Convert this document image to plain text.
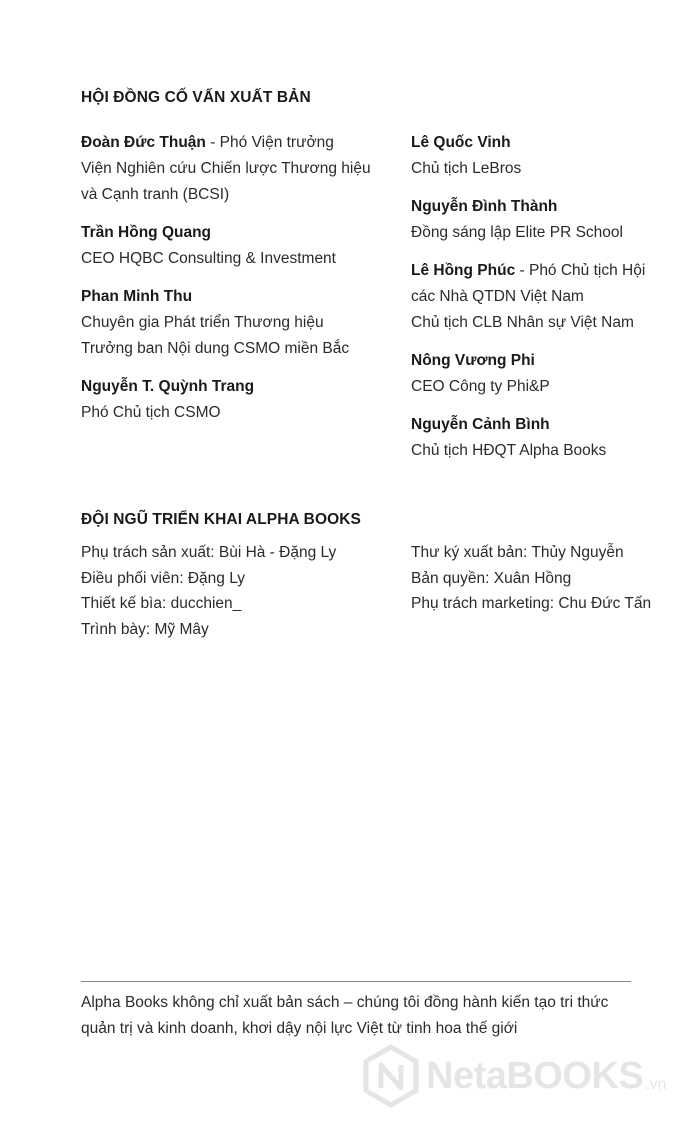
HỘI ĐỒNG CỐ VẤN XUẤT BẢN
Đoàn Đức Thuận - Phó Viện trưởng
Viện Nghiên cứu Chiến lược Thương hiệu
và Cạnh tranh (BCSI)
Trần Hồng Quang
CEO HQBC Consulting & Investment
Phan Minh Thu
Chuyên gia Phát triển Thương hiệu
Trưởng ban Nội dung CSMO miền Bắc
Nguyễn T. Quỳnh Trang
Phó Chủ tịch CSMO
Lê Quốc Vinh
Chủ tịch LeBros
Nguyễn Đình Thành
Đồng sáng lập Elite PR School
Lê Hồng Phúc - Phó Chủ tịch Hội
các Nhà QTDN Việt Nam
Chủ tịch CLB Nhân sự Việt Nam
Nông Vương Phi
CEO Công ty Phi&P
Nguyễn Cảnh Bình
Chủ tịch HĐQT Alpha Books
ĐỘI NGŨ TRIỂN KHAI ALPHA BOOKS
Phụ trách sản xuất: Bùi Hà - Đặng Ly
Điều phối viên: Đặng Ly
Thiết kế bìa: ducchien_
Trình bày: Mỹ Mây
Thư ký xuất bản: Thủy Nguyễn
Bản quyền: Xuân Hồng
Phụ trách marketing: Chu Đức Tấn
Alpha Books không chỉ xuất bản sách – chúng tôi đồng hành kiến tạo tri thức
quản trị và kinh doanh, khơi dậy nội lực Việt từ tinh hoa thế giới
NetaBOOKS .vn
